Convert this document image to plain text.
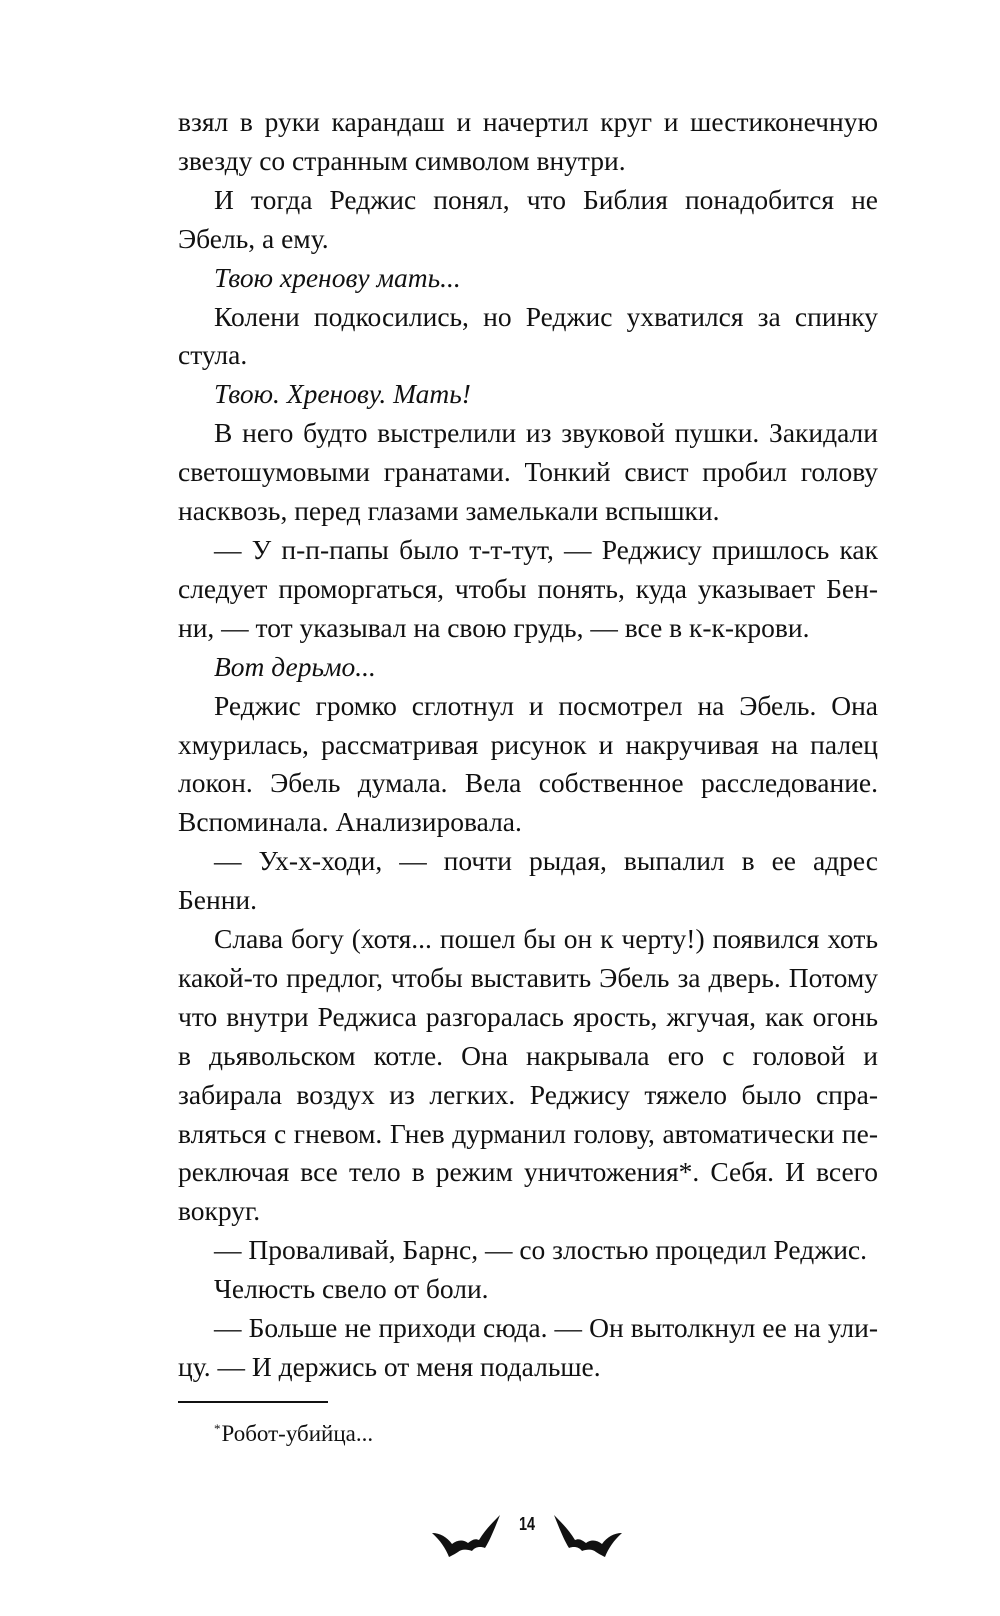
взял в руки карандаш и начертил круг и шестиконечную звезду со странным символом внутри.

И тогда Реджис понял, что Библия понадобится не Эбель, а ему.

Твою хренову мать...

Колени подкосились, но Реджис ухватился за спинку стула.

Твою. Хренову. Мать!

В него будто выстрелили из звуковой пушки. Закидали светошумовыми гранатами. Тонкий свист пробил голову насквозь, перед глазами замелькали вспышки.

— У п-п-папы было т-т-тут, — Реджису пришлось как следует проморгаться, чтобы понять, куда указывает Бенни, — тот указывал на свою грудь, — все в к-к-крови.

Вот дерьмо...

Реджис громко сглотнул и посмотрел на Эбель. Она хмурилась, рассматривая рисунок и накручивая на палец локон. Эбель думала. Вела собственное расследование. Вспоминала. Анализировала.

— Ух-х-ходи, — почти рыдая, выпалил в ее адрес Бенни.

Слава богу (хотя... пошел бы он к черту!) появился хоть какой-то предлог, чтобы выставить Эбель за дверь. Потому что внутри Реджиса разгоралась ярость, жгучая, как огонь в дьявольском котле. Она накрывала его с головой и забирала воздух из легких. Реджису тяжело было справляться с гневом. Гнев дурманил голову, автоматически переключая все тело в режим уничтожения*. Себя. И всего вокруг.

— Проваливай, Барнс, — со злостью процедил Реджис.

Челюсть свело от боли.

— Больше не приходи сюда. — Он вытолкнул ее на улицу. — И держись от меня подальше.

*Робот-убийца...
14
